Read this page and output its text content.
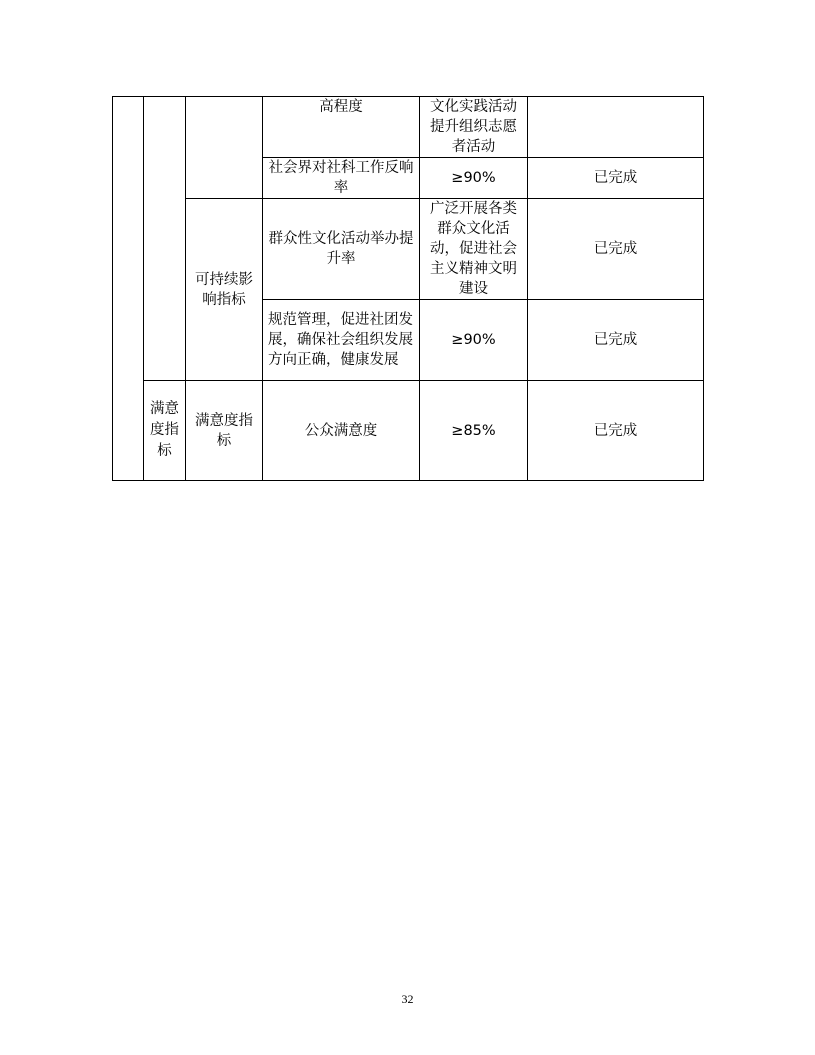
			高程度	文化实践活动提升组织志愿者活动	
			社会界对社科工作反响率	≥90%	已完成
		可持续影响指标	群众性文化活动举办提升率	广泛开展各类群众文化活动，促进社会主义精神文明建设	已完成
			规范管理，促进社团发展，确保社会组织发展方向正确，健康发展	≥90%	已完成
	满意度指标	满意度指标	公众满意度	≥85%	已完成
32
